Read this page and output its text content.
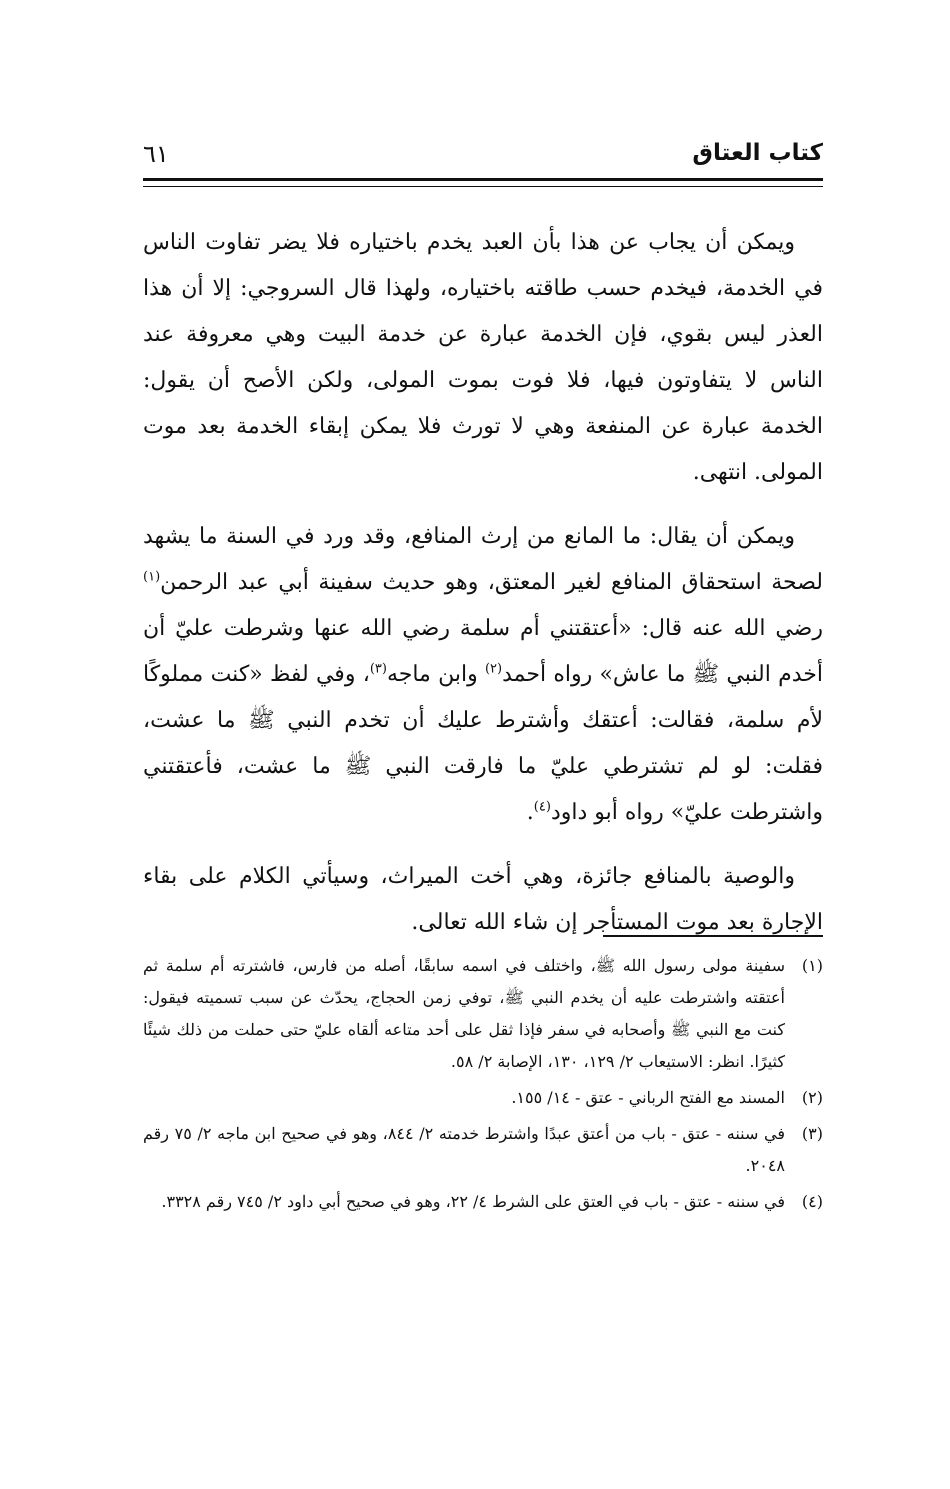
كتاب العتاق
٦١

ويمكن أن يجاب عن هذا بأن العبد يخدم باختياره فلا يضر تفاوت الناس في الخدمة، فيخدم حسب طاقته باختياره، ولهذا قال السروجي: إلا أن هذا العذر ليس بقوي، فإن الخدمة عبارة عن خدمة البيت وهي معروفة عند الناس لا يتفاوتون فيها، فلا فوت بموت المولى، ولكن الأصح أن يقول: الخدمة عبارة عن المنفعة وهي لا تورث فلا يمكن إبقاء الخدمة بعد موت المولى. انتهى.

ويمكن أن يقال: ما المانع من إرث المنافع، وقد ورد في السنة ما يشهد لصحة استحقاق المنافع لغير المعتق، وهو حديث سفينة أبي عبد الرحمن$^{(١)}$ رضي الله عنه قال: «أعتقتني أم سلمة رضي الله عنها وشرطت عليّ أن أخدم النبي ﷺ ما عاش» رواه أحمد$^{(٢)}$ وابن ماجه$^{(٣)}$، وفي لفظ «كنت مملوكًا لأم سلمة، فقالت: أعتقك وأشترط عليك أن تخدم النبي ﷺ ما عشت، فقلت: لو لم تشترطي عليّ ما فارقت النبي ﷺ ما عشت، فأعتقتني واشترطت عليّ» رواه أبو داود$^{(٤)}$.

والوصية بالمنافع جائزة، وهي أخت الميراث، وسيأتي الكلام على بقاء الإجارة بعد موت المستأجر إن شاء الله تعالى.

(١)
سفينة مولى رسول الله ﷺ، واختلف في اسمه سابقًا، أصله من فارس، فاشترته أم سلمة ثم أعتقته واشترطت عليه أن يخدم النبي ﷺ، توفي زمن الحجاج، يحدّث عن سبب تسميته فيقول: كنت مع النبي ﷺ وأصحابه في سفر فإذا ثقل على أحد متاعه ألقاه عليّ حتى حملت من ذلك شيئًا كثيرًا. انظر: الاستيعاب ٢/ ١٢٩، ١٣٠، الإصابة ٢/ ٥٨.
(٢)
المسند مع الفتح الرباني - عتق - ١٤/ ١٥٥.
(٣)
في سننه - عتق - باب من أعتق عبدًا واشترط خدمته ٢/ ٨٤٤، وهو في صحيح ابن ماجه ٢/ ٧٥ رقم ٢٠٤٨.
(٤)
في سننه - عتق - باب في العتق على الشرط ٤/ ٢٢، وهو في صحيح أبي داود ٢/ ٧٤٥ رقم ٣٣٢٨.
